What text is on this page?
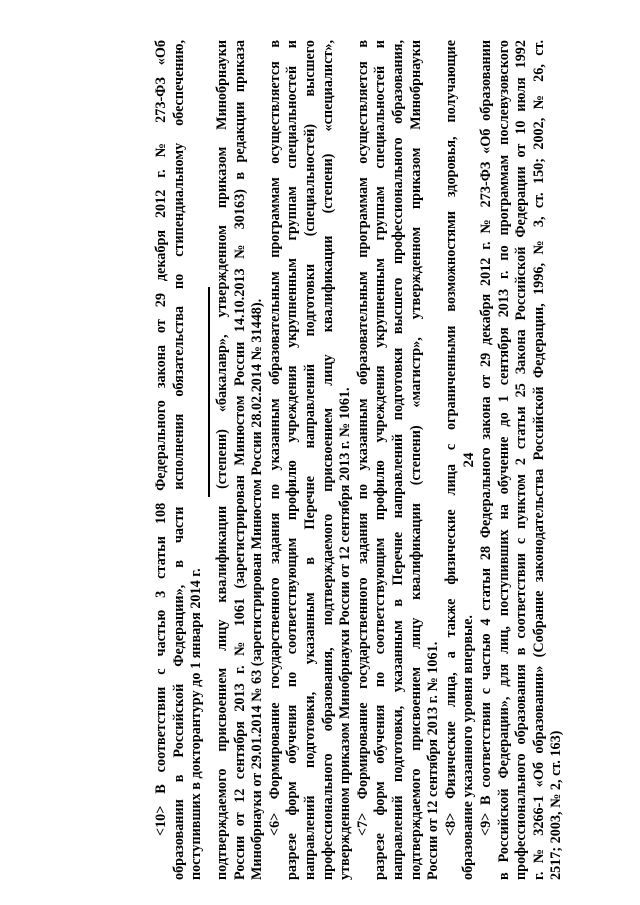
<10> В соответствии с частью 3 статьи 108 Федерального закона от 29 декабря 2012 г. № 273-ФЗ «Об образовании в Российской Федерации», в части исполнения обязательства по стипендиальному обеспечению, поступивших в докторантуру до 1 января 2014 г. подтверждаемого присвоением лицу квалификации (степени) «бакалавр», утвержденном приказом Минобрнауки России от 12 сентября 2013 г. № 1061 (зарегистрирован Минюстом России 14.10.2013 № 30163) в редакции приказа Минобрнауки от 29.01.2014 № 63 (зарегистрирован Минюстом России 28.02.2014 № 31448). <6> Формирование государственного задания по указанным образовательным программам осуществляется в разрезе форм обучения по соответствующим профилю учреждения укрупненным группам специальностей и направлений подготовки, указанным в Перечне направлений подготовки (специальностей) высшего профессионального образования, подтверждаемого присвоением лицу квалификации (степени) «специалист», утвержденном приказом Минобрнауки России от 12 сентября 2013 г. № 1061. <7> Формирование государственного задания по указанным образовательным программам осуществляется в разрезе форм обучения по соответствующим профилю учреждения укрупненным группам специальностей и направлений подготовки, указанным в Перечне направлений подготовки высшего профессионального образования, подтверждаемого присвоением лицу квалификации (степени) «магистр», утвержденном приказом Минобрнауки России от 12 сентября 2013 г. № 1061. <8> Физические лица, а также физические лица с ограниченными возможностями здоровья, получающие образование указанного уровня впервые. <9> В соответствии с частью 4 статьи 28 Федерального закона от 29 декабря 2012 г. № 273-ФЗ «Об образовании в Российской Федерации», для лиц, поступивших на обучение до 1 сентября 2013 г. по программам послевузовского профессионального образования в соответствии с пунктом 2 статьи 25 Закона Российской Федерации от 10 июля 1992 г. № 3266-1 «Об образовании» (Собрание законодательства Российской Федерации, 1996, № 3, ст. 150; 2002, № 26, ст. 2517; 2003, № 2, ст. 163)

24
